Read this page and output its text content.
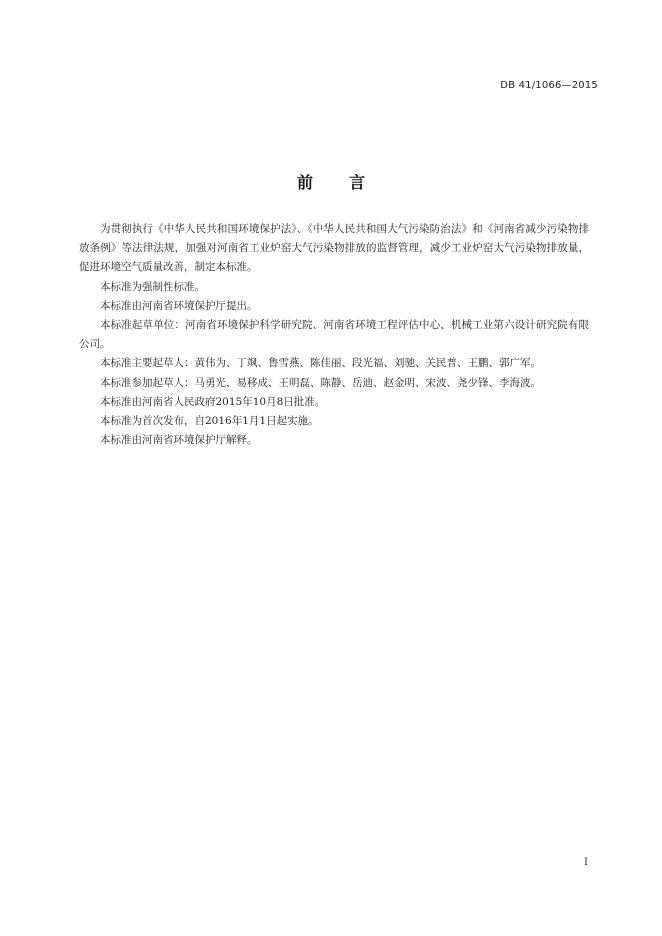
DB 41/1066—2015
前 言

为贯彻执行《中华人民共和国环境保护法》、《中华人民共和国大气污染防治法》和《河南省减少污染物排放条例》等法律法规，加强对河南省工业炉窑大气污染物排放的监督管理，减少工业炉窑大气污染物排放量，促进环境空气质量改善，制定本标准。

本标准为强制性标准。

本标准由河南省环境保护厅提出。

本标准起草单位：河南省环境保护科学研究院、河南省环境工程评估中心、机械工业第六设计研究院有限公司。

本标准主要起草人：黄伟为、丁飒、鲁雪燕、陈佳丽、段光福、刘驰、关民普、王鹏、郭广军。

本标准参加起草人：马勇光、易移成、王明磊、陈静、岳迪、赵金明、宋波、尧少锋、李海波。

本标准由河南省人民政府2015年10月8日批准。

本标准为首次发布，自2016年1月1日起实施。

本标准由河南省环境保护厅解释。

I
